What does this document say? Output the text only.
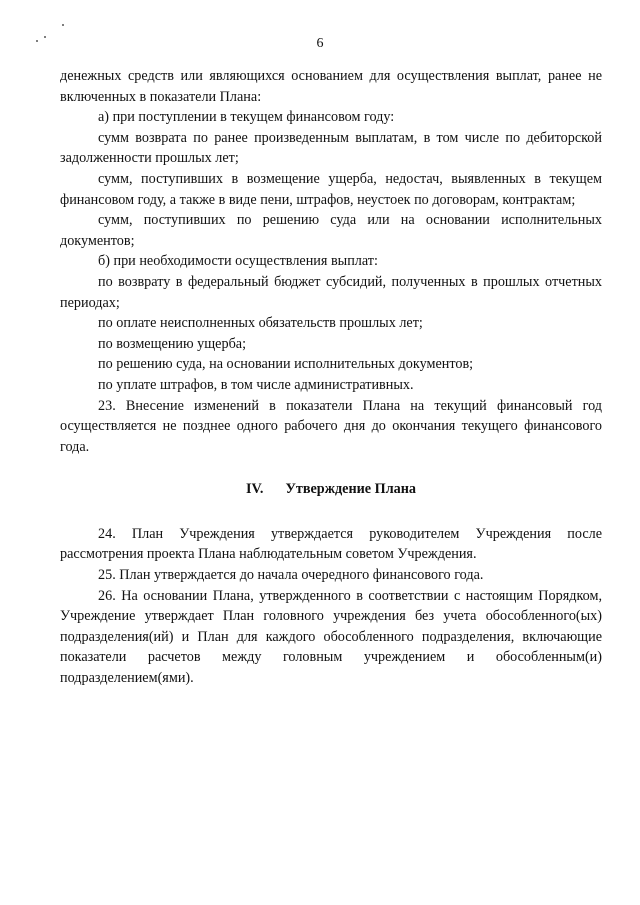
6

денежных средств или являющихся основанием для осуществления выплат, ранее не включенных в показатели Плана:

а) при поступлении в текущем финансовом году:

сумм возврата по ранее произведенным выплатам, в том числе по дебиторской задолженности прошлых лет;

сумм, поступивших в возмещение ущерба, недостач, выявленных в текущем финансовом году, а также в виде пени, штрафов, неустоек по договорам, контрактам;

сумм, поступивших по решению суда или на основании исполнительных документов;

б) при необходимости осуществления выплат:

по возврату в федеральный бюджет субсидий, полученных в прошлых отчетных периодах;

по оплате неисполненных обязательств прошлых лет;

по возмещению ущерба;

по решению суда, на основании исполнительных документов;

по уплате штрафов, в том числе административных.

23. Внесение изменений в показатели Плана на текущий финансовый год осуществляется не позднее одного рабочего дня до окончания текущего финансового года.

IV. Утверждение Плана

24. План Учреждения утверждается руководителем Учреждения после рассмотрения проекта Плана наблюдательным советом Учреждения.

25. План утверждается до начала очередного финансового года.

26. На основании Плана, утвержденного в соответствии с настоящим Порядком, Учреждение утверждает План головного учреждения без учета обособленного(ых) подразделения(ий) и План для каждого обособленного подразделения, включающие показатели расчетов между головным учреждением и обособленным(и) подразделением(ями).
